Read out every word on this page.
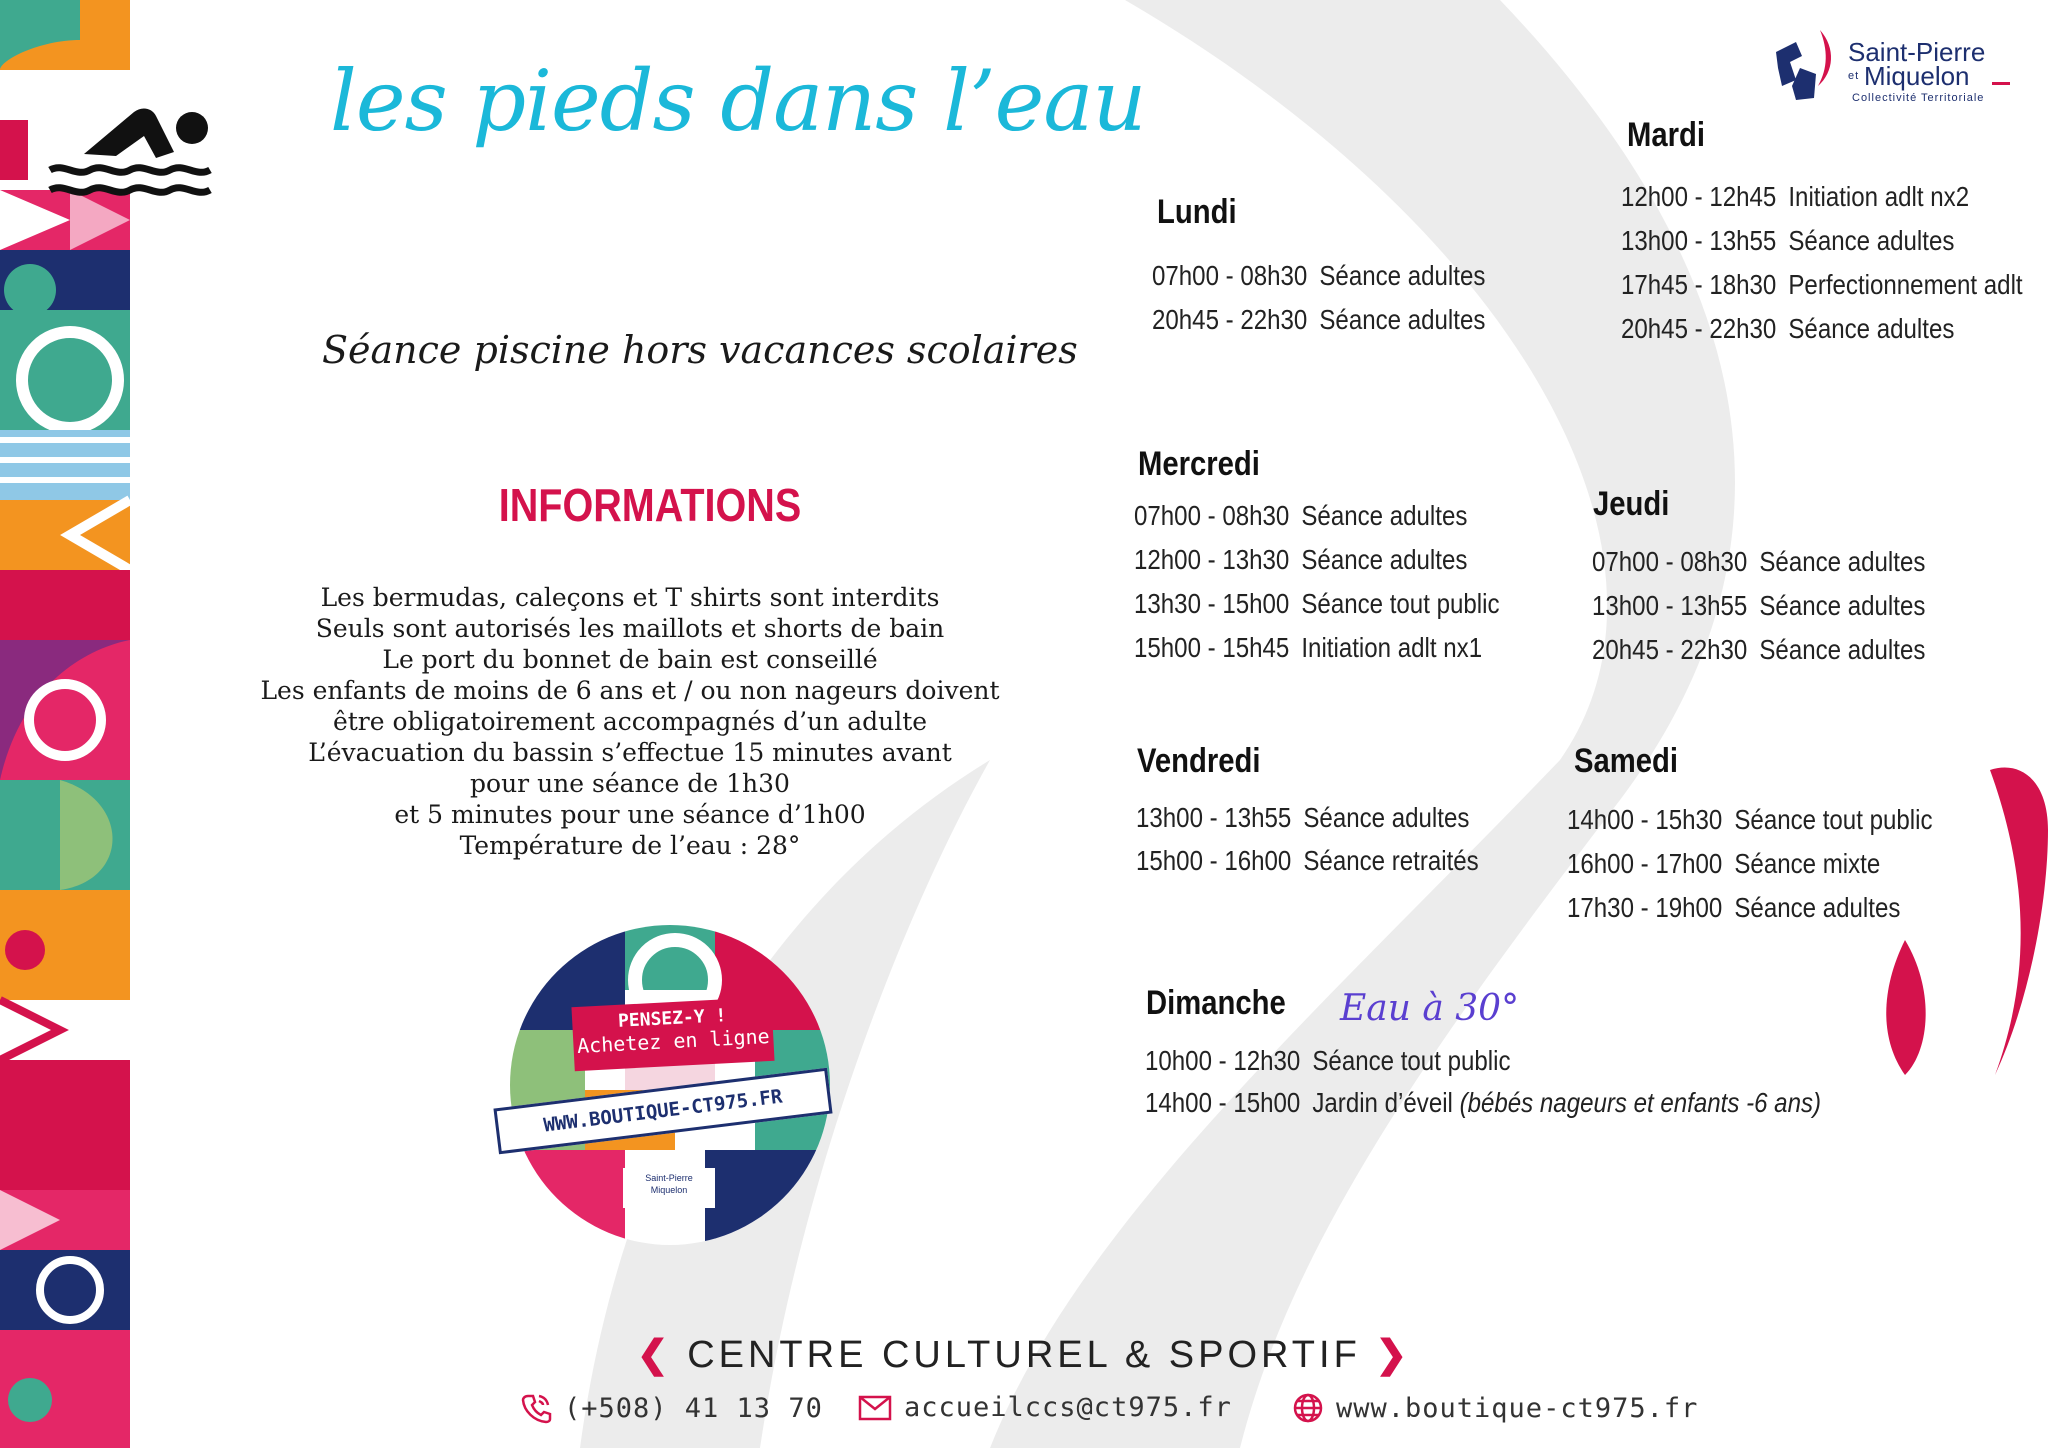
les pieds dans l’eau
Séance piscine hors vacances scolaires
Saint-Pierre
et Miquelon
Collectivité Territoriale
INFORMATIONS
Les bermudas, caleçons et T shirts sont interdits
Seuls sont autorisés les maillots et shorts de bain
Le port du bonnet de bain est conseillé
Les enfants de moins de 6 ans et / ou non nageurs doivent
être obligatoirement accompagnés d’un adulte
L’évacuation du bassin s’effectue 15 minutes avant
pour une séance de 1h30
et 5 minutes pour une séance d’1h00
Température de l’eau : 28°
PENSEZ-Y !
Achetez en ligne
WWW.BOUTIQUE-CT975.FR
Saint-Pierre
Miquelon
Lundi
07h00 - 08h30 Séance adultes
20h45 - 22h30 Séance adultes
Mardi
12h00 - 12h45 Initiation adlt nx2
13h00 - 13h55 Séance adultes
17h45 - 18h30 Perfectionnement adlt
20h45 - 22h30 Séance adultes
Mercredi
07h00 - 08h30 Séance adultes
12h00 - 13h30 Séance adultes
13h30 - 15h00 Séance tout public
15h00 - 15h45 Initiation adlt nx1
Jeudi
07h00 - 08h30 Séance adultes
13h00 - 13h55 Séance adultes
20h45 - 22h30 Séance adultes
Vendredi
13h00 - 13h55 Séance adultes
15h00 - 16h00 Séance retraités
Samedi
14h00 - 15h30 Séance tout public
16h00 - 17h00 Séance mixte
17h30 - 19h00 Séance adultes
Dimanche Eau à 30°
10h00 - 12h30 Séance tout public
14h00 - 15h00 Jardin d’éveil (bébés nageurs et enfants -6 ans)
❮ CENTRE CULTUREL & SPORTIF ❯
(+508) 41 13 70	accueilccs@ct975.fr	www.boutique-ct975.fr
